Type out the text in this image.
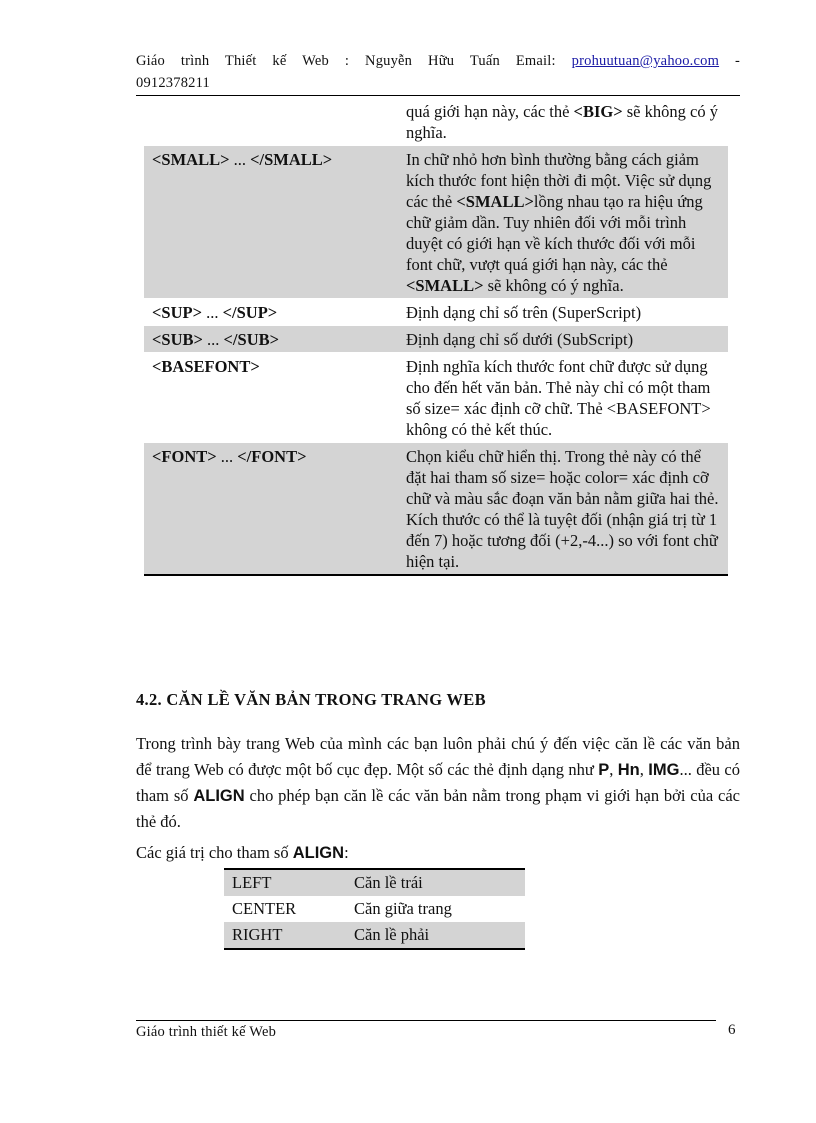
Giáo trình Thiết kế Web : Nguyễn Hữu Tuấn Email: prohuutuan@yahoo.com -
0912378211
	quá giới hạn này, các thẻ <BIG> sẽ không có ý nghĩa.
<SMALL> ... </SMALL>	In chữ nhỏ hơn bình thường bằng cách giảm kích thước font hiện thời đi một. Việc sử dụng các thẻ <SMALL>lồng nhau tạo ra hiệu ứng chữ giảm dần. Tuy nhiên đối với mỗi trình duyệt có giới hạn về kích thước đối với mỗi font chữ, vượt quá giới hạn này, các thẻ <SMALL> sẽ không có ý nghĩa.
<SUP> ... </SUP>	Định dạng chỉ số trên (SuperScript)
<SUB> ... </SUB>	Định dạng chỉ số dưới (SubScript)
<BASEFONT>	Định nghĩa kích thước font chữ được sử dụng cho đến hết văn bản. Thẻ này chỉ có một tham số size= xác định cỡ chữ. Thẻ <BASEFONT> không có thẻ kết thúc.
<FONT> ... </FONT>	Chọn kiểu chữ hiển thị. Trong thẻ này có thể đặt hai tham số size= hoặc color= xác định cỡ chữ và màu sắc đoạn văn bản nằm giữa hai thẻ. Kích thước có thể là tuyệt đối (nhận giá trị từ 1 đến 7) hoặc tương đối (+2,-4...) so với font chữ hiện tại.
4.2. CĂN LỀ VĂN BẢN TRONG TRANG WEB
Trong trình bày trang Web của mình các bạn luôn phải chú ý đến việc căn lề các văn bản để trang Web có được một bố cục đẹp. Một số các thẻ định dạng như P, Hn, IMG... đều có tham số ALIGN cho phép bạn căn lề các văn bản nằm trong phạm vi giới hạn bởi của các thẻ đó.
Các giá trị cho tham số ALIGN:
LEFT	Căn lề trái
CENTER	Căn giữa trang
RIGHT	Căn lề phải
Giáo trình thiết kế Web	6
